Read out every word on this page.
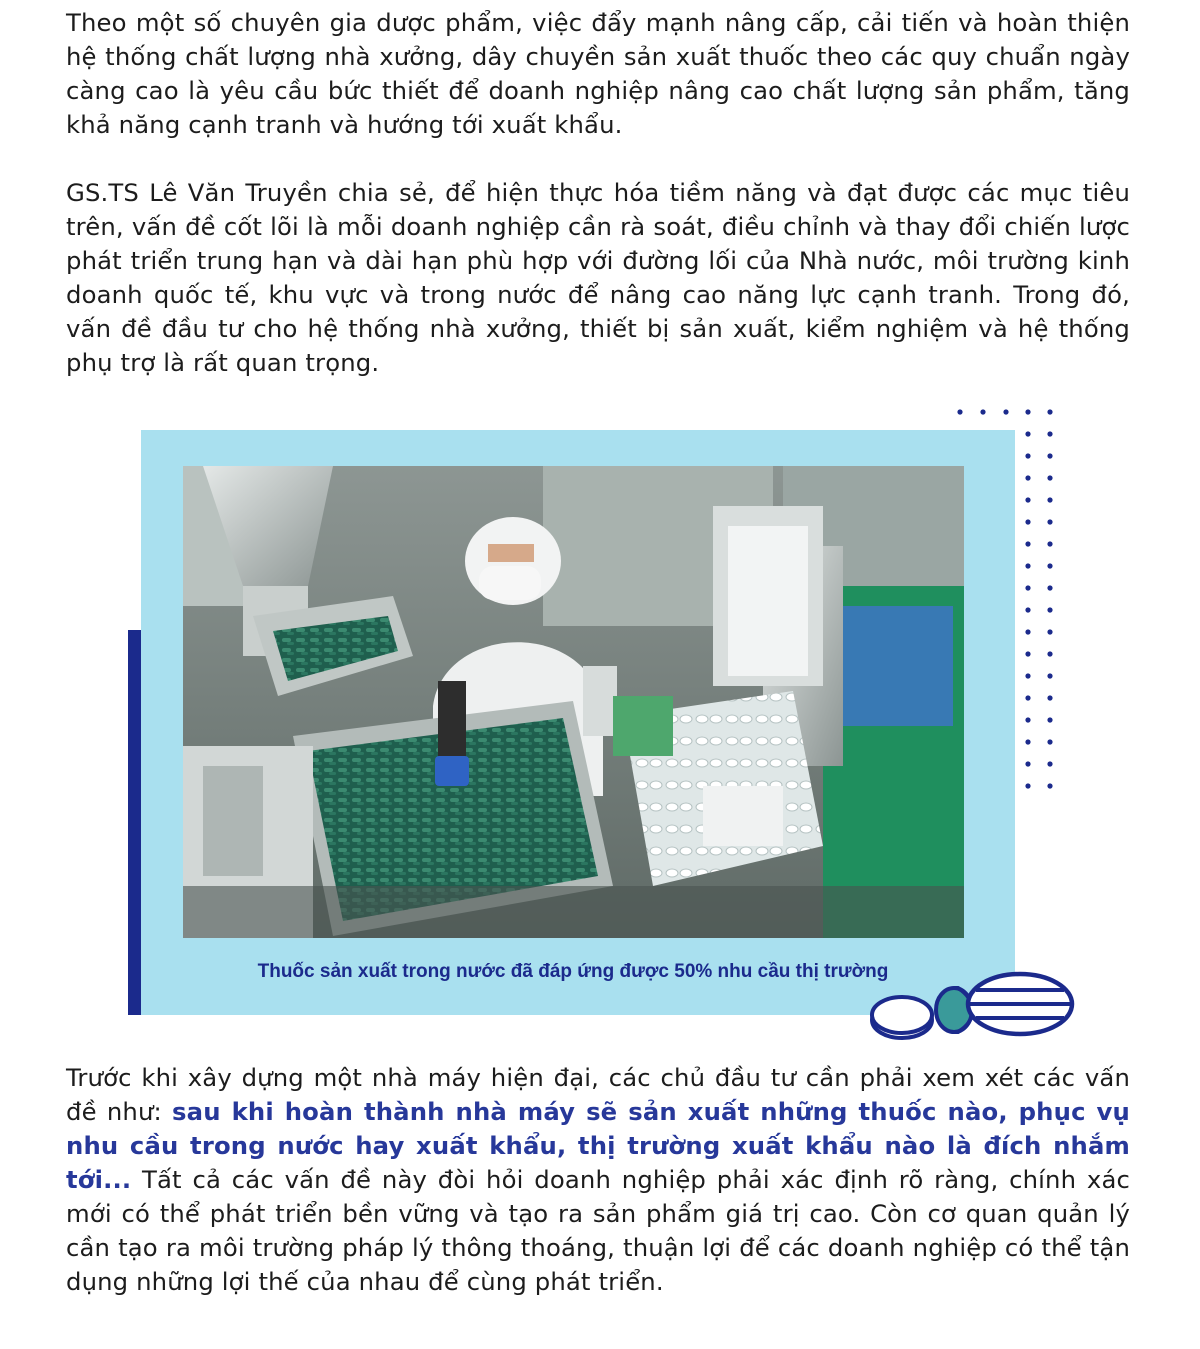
Theo một số chuyên gia dược phẩm, việc đẩy mạnh nâng cấp, cải tiến và hoàn thiện hệ thống chất lượng nhà xưởng, dây chuyền sản xuất thuốc theo các quy chuẩn ngày càng cao là yêu cầu bức thiết để doanh nghiệp nâng cao chất lượng sản phẩm, tăng khả năng cạnh tranh và hướng tới xuất khẩu.

GS.TS Lê Văn Truyền chia sẻ, để hiện thực hóa tiềm năng và đạt được các mục tiêu trên, vấn đề cốt lõi là mỗi doanh nghiệp cần rà soát, điều chỉnh và thay đổi chiến lược phát triển trung hạn và dài hạn phù hợp với đường lối của Nhà nước, môi trường kinh doanh quốc tế, khu vực và trong nước để nâng cao năng lực cạnh tranh. Trong đó, vấn đề đầu tư cho hệ thống nhà xưởng, thiết bị sản xuất, kiểm nghiệm và hệ thống phụ trợ là rất quan trọng.

Thuốc sản xuất trong nước đã đáp ứng được 50% nhu cầu thị trường

Trước khi xây dựng một nhà máy hiện đại, các chủ đầu tư cần phải xem xét các vấn đề như: sau khi hoàn thành nhà máy sẽ sản xuất những thuốc nào, phục vụ nhu cầu trong nước hay xuất khẩu, thị trường xuất khẩu nào là đích nhắm tới... Tất cả các vấn đề này đòi hỏi doanh nghiệp phải xác định rõ ràng, chính xác mới có thể phát triển bền vững và tạo ra sản phẩm giá trị cao. Còn cơ quan quản lý cần tạo ra môi trường pháp lý thông thoáng, thuận lợi để các doanh nghiệp có thể tận dụng những lợi thế của nhau để cùng phát triển.
